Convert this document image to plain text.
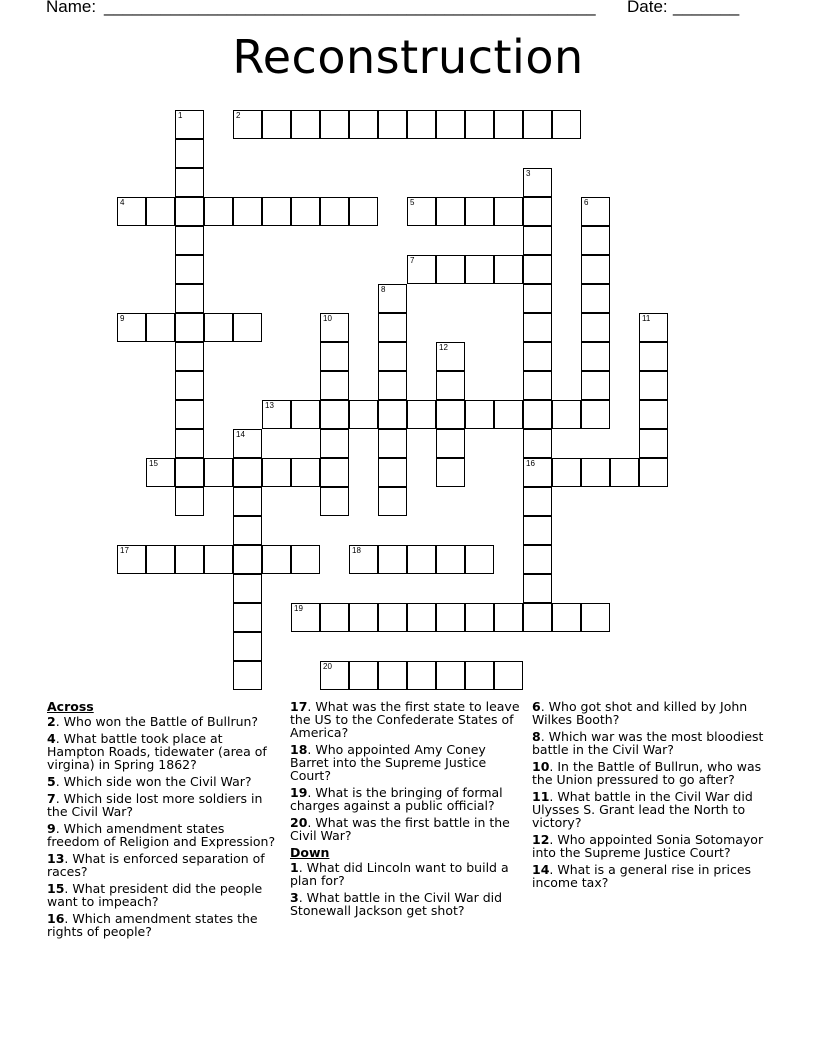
Name: ____________________________________________________ Date: _______
Reconstruction
1	2
3
16
4	5	6
7
8
9	10	11
12
13
14
15
17	18
19
20
Across
2. Who won the Battle of Bullrun?
4. What battle took place at Hampton Roads, tidewater (area of virgina) in Spring 1862?
5. Which side won the Civil War?
7. Which side lost more soldiers in the Civil War?
9. Which amendment states freedom of Religion and Expression?
13. What is enforced separation of races?
15. What president did the people want to impeach?
16. Which amendment states the rights of people?
17. What was the first state to leave the US to the Confederate States of America?
18. Who appointed Amy Coney Barret into the Supreme Justice Court?
19. What is the bringing of formal charges against a public official?
20. What was the first battle in the Civil War?
Down
1. What did Lincoln want to build a plan for?
3. What battle in the Civil War did Stonewall Jackson get shot?
6. Who got shot and killed by John Wilkes Booth?
8. Which war was the most bloodiest battle in the Civil War?
10. In the Battle of Bullrun, who was the Union pressured to go after?
11. What battle in the Civil War did Ulysses S. Grant lead the North to victory?
12. Who appointed Sonia Sotomayor into the Supreme Justice Court?
14. What is a general rise in prices income tax?
